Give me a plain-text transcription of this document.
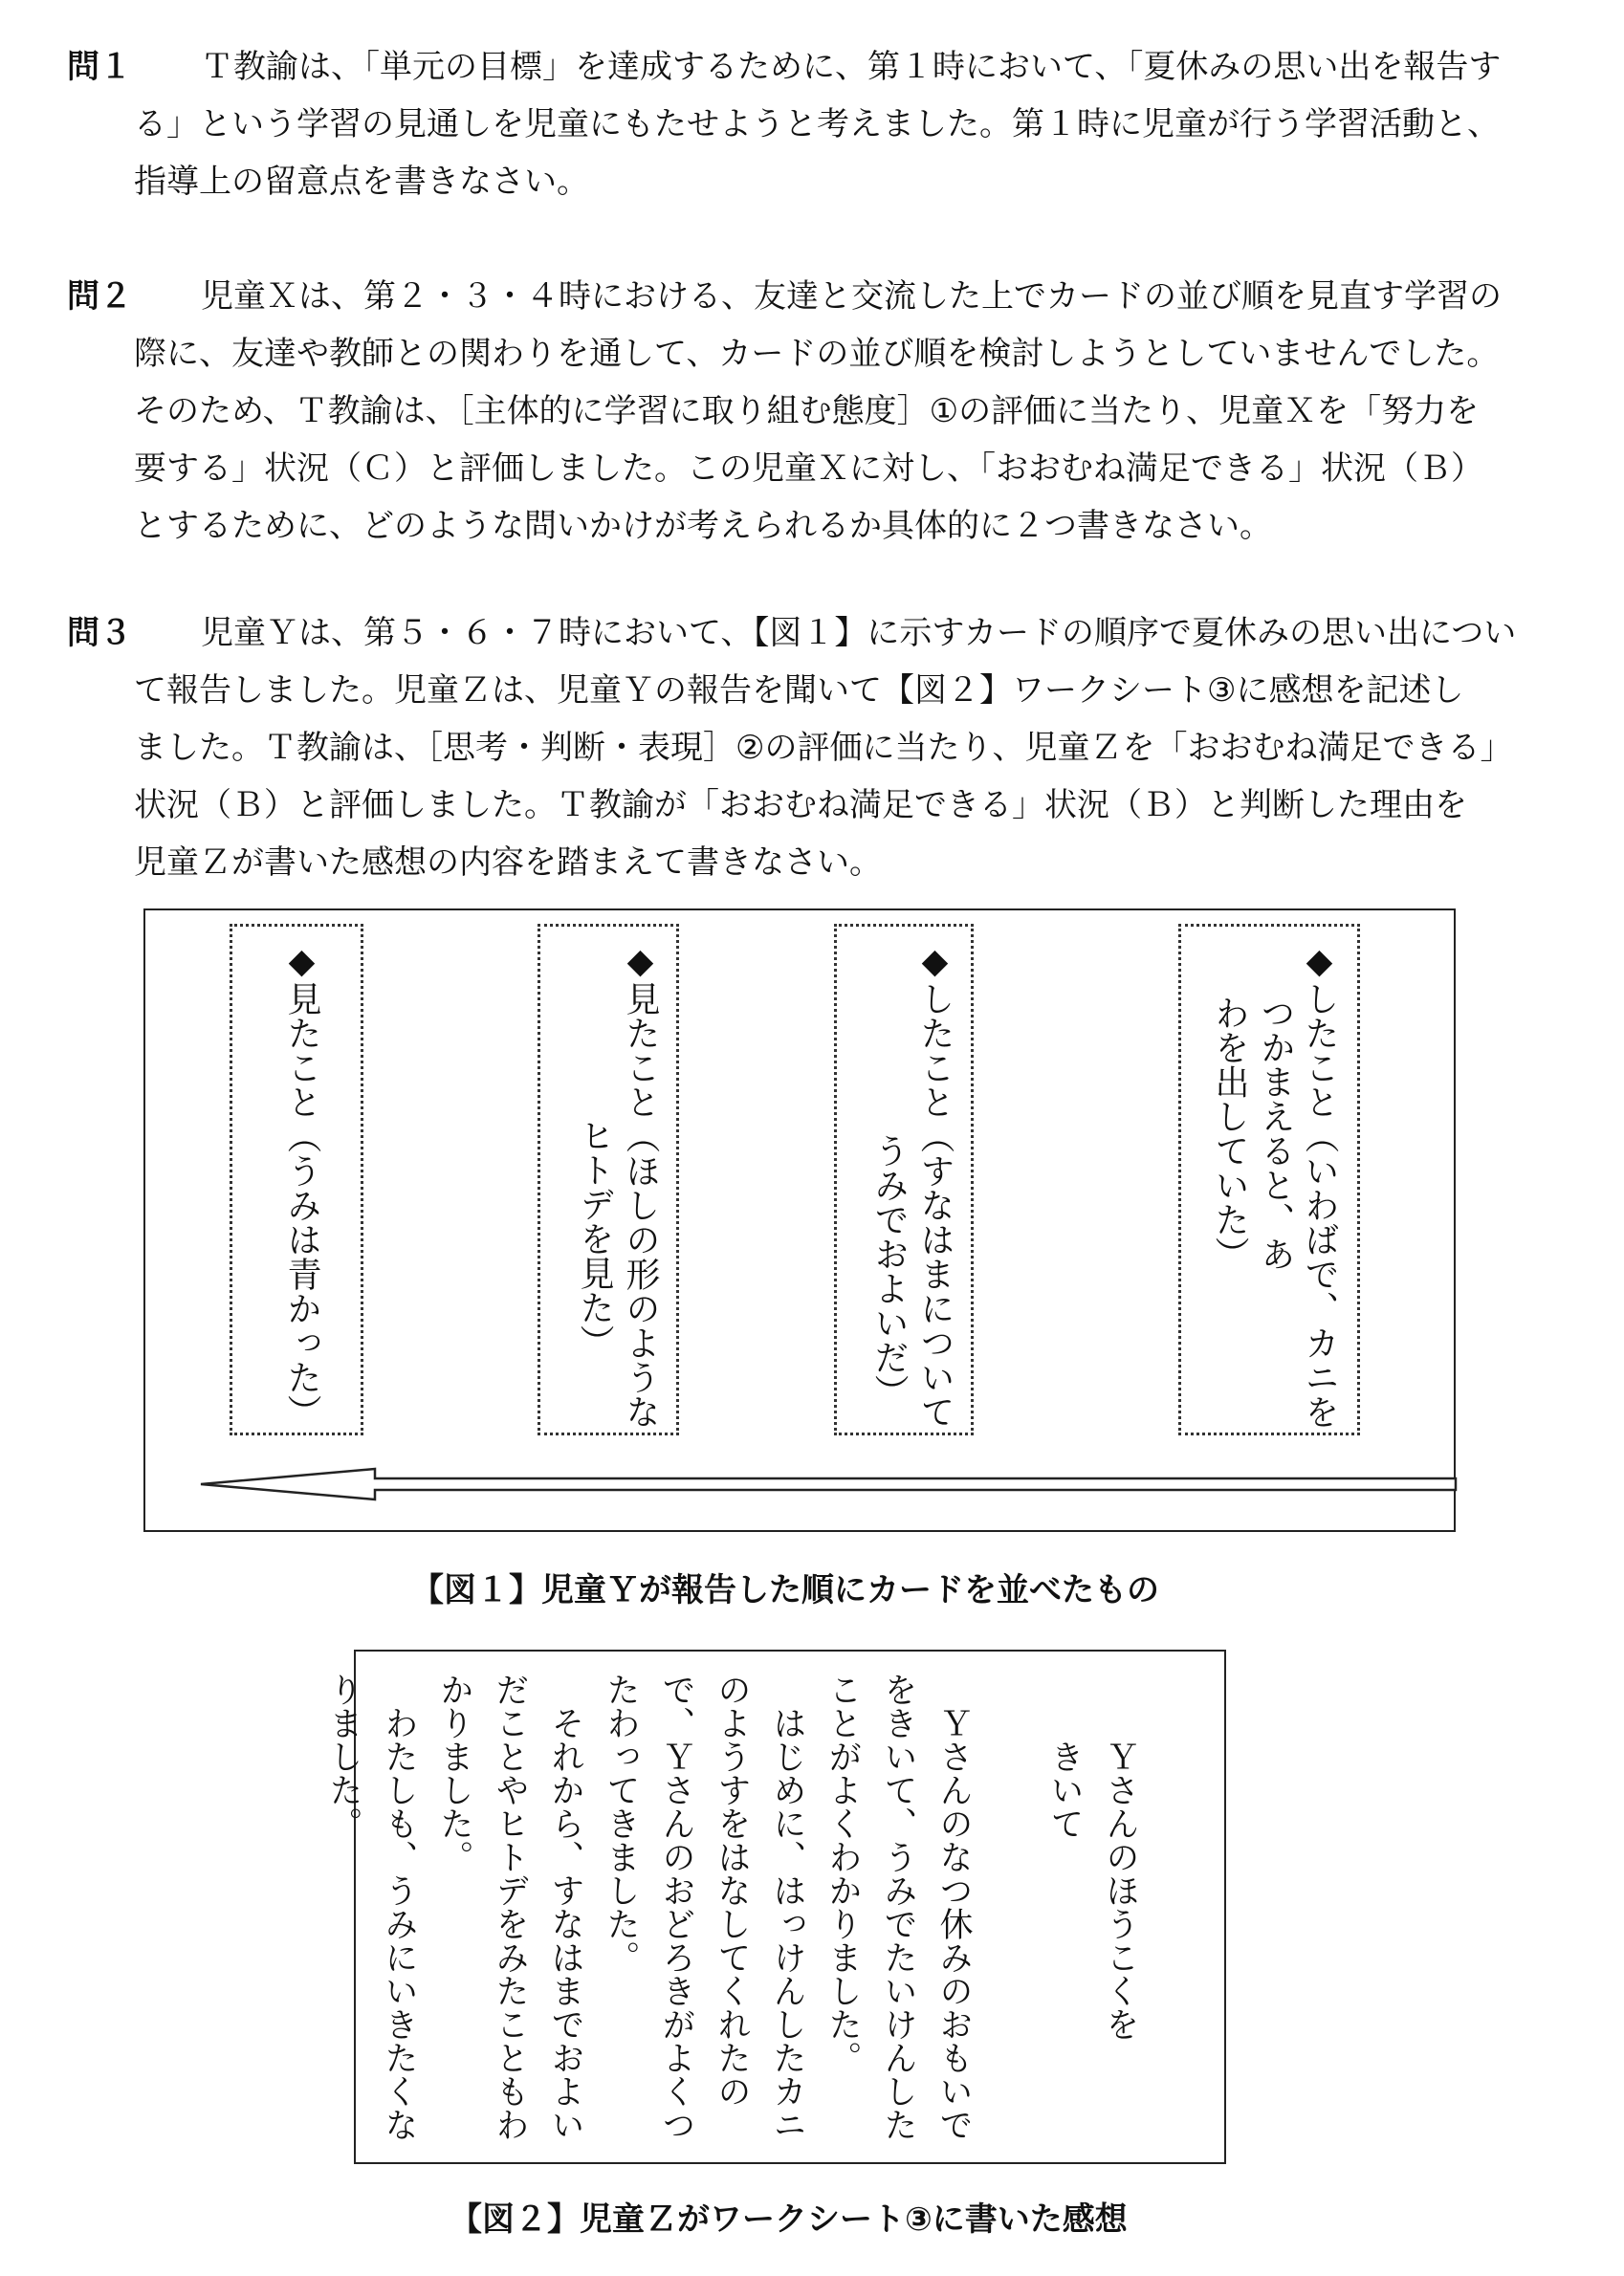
問１	Ｔ教諭は、「単元の目標」を達成するために、第１時において、「夏休みの思い出を報告す
る」という学習の見通しを児童にもたせようと考えました。第１時に児童が行う学習活動と、
指導上の留意点を書きなさい。
問２	児童Ｘは、第２・３・４時における、友達と交流した上でカードの並び順を見直す学習の
際に、友達や教師との関わりを通して、カードの並び順を検討しようとしていませんでした。
そのため、Ｔ教諭は、［主体的に学習に取り組む態度］①の評価に当たり、児童Ｘを「努力を
要する」状況（Ｃ）と評価しました。この児童Ｘに対し、「おおむね満足できる」状況（Ｂ）
とするために、どのような問いかけが考えられるか具体的に２つ書きなさい。
問３	児童Ｙは、第５・６・７時において、【図１】に示すカードの順序で夏休みの思い出につい
て報告しました。児童Ｚは、児童Ｙの報告を聞いて【図２】ワークシート③に感想を記述し
ました。Ｔ教諭は、［思考・判断・表現］②の評価に当たり、児童Ｚを「おおむね満足できる」
状況（Ｂ）と評価しました。Ｔ教諭が「おおむね満足できる」状況（Ｂ）と判断した理由を
児童Ｚが書いた感想の内容を踏まえて書きなさい。
◆したこと（いわばで、カニを
つかまえると、あ
わを出していた）
◆したこと（すなはまについて
うみでおよいだ）
◆見たこと（ほしの形のような
ヒトデを見た）
◆見たこと（うみは青かった）
【図１】児童Ｙが報告した順にカードを並べたもの
Ｙさんのほうこくを
きいて
Ｙさんのなつ休みのおもいで
をきいて、うみでたいけんした
ことがよくわかりました。
はじめに、はっけんしたカニ
のようすをはなしてくれたの
で、Ｙさんのおどろきがよくつ
たわってきました。
それから、すなはまでおよい
だことやヒトデをみたこともわ
かりました。
わたしも、うみにいきたくな
りました。
【図２】児童Ｚがワークシート③に書いた感想
